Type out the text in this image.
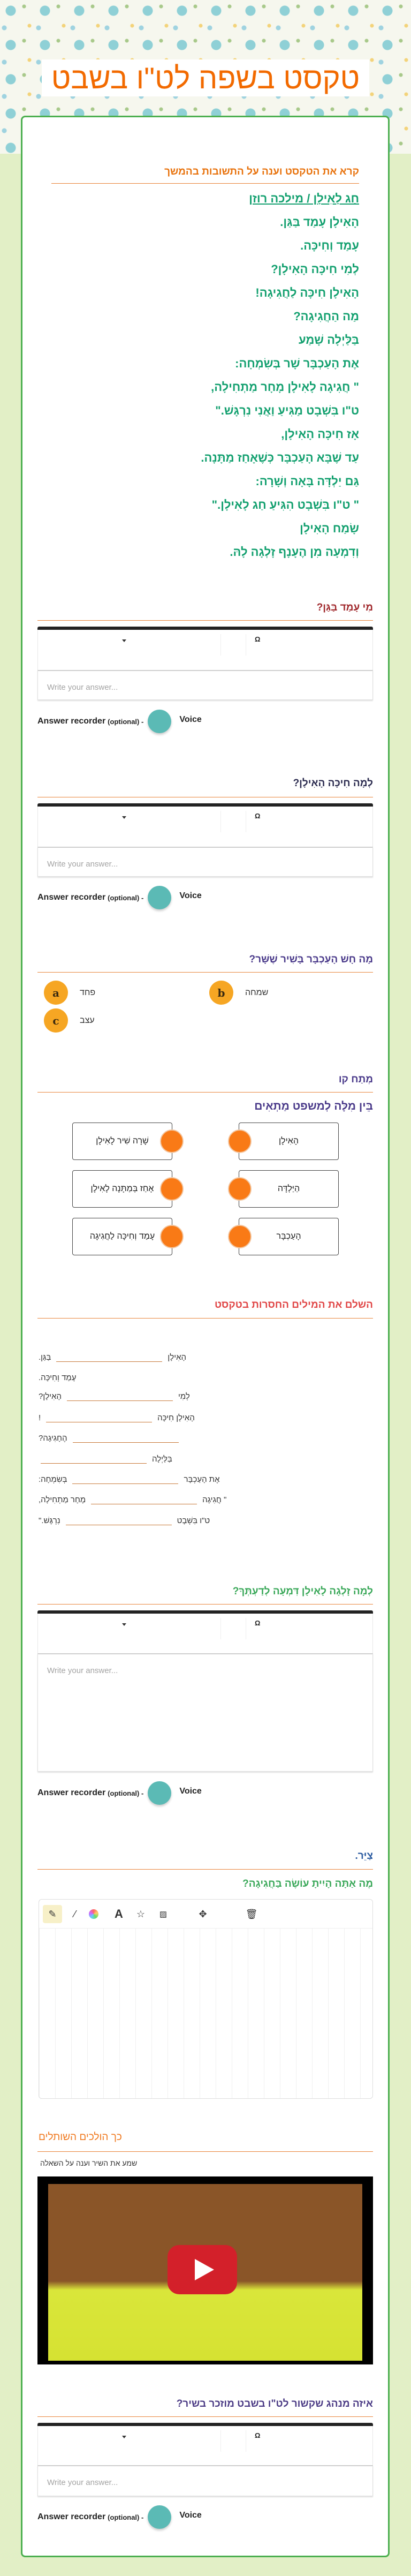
טקסט בשפה לט"ו בשבט
קרא את הטקסט וענה על התשובות בהמשך
חַג לָאִילָן / מילכה רוזן
הָאִילָן עָמַד בַּגַּן.
עָמַד וְחִיכָּה.
לְמִי חִיכָּה הָאִילָן?
הָאִילָן חִיכָּה לַחֲגִיגָה!
מַה הַחֲגִיגָה?
בַּלַּיְלָה שָׁמַע
אֶת הָעַכְבָּר שָׁר בְּשִׂמְחָה:
" חֲגִיגָה לָאִילָן מָחָר מַתְחִילָה,
ט"ו בִּשְׁבָט מַגִּיעַ וַאֲנִי נִרְגָּשׁ."
אָז חִיכָּה הָאִילָן,
עַד שֶׁבָּא הָעַכְבָּר כְּשֶׁאָחַז מַתָּנָה.
גַּם יַלְדָּה בָּאָה וְשָׁרָה:
" ט"ו בִּשְׁבָט הִגִּיעַ חַג לָאִילָן."
שָׂמַח הָאִילָן
וְדִמְעָה מִן הֶעָנָף זָלְגָה לָהּ.
מִי עָמַד בַּגַּן?
Ω
Write your answer...
Answer recorder (optional) -	Voice
לְמָה חִיכָּה הָאִילָן?
Ω
Write your answer...
Answer recorder (optional) -	Voice
מָה חָשׁ הָעַכְבָּר בָּשִׁיר שֶׁשָּׁר?
a	פחד	b	שמחה
c	עצב
מְתַח קו
בֵּין מִלָּה לְמשפט מַתְאִים
שָׁרָה שִׁיר לָאִילָן	הָאִילָן
אָחַז בְּמַתָּנָה לָאִילָן	הַיַּלְדָּה
עָמַד וְחִיכָּה לַחֲגִיגָה	הָעַכְבָּר
השלם את המילים החסרות בטקסט
בַּגַּן.	הָאִילָן
עָמַד וְחִיכָּה.
הָאִילָן?	לְמִי
!	הָאִילָן חִיכָּה
הֶחָגִיגָה?
בַּלַּיְלָה
בְּשִׂמְחָה:	אֶת הָעַכְבָּר
מָחָר מַתְחִילָה,	" חֲגִיגָה
נִרְגָּשׁ."	ט"ו בִּשְׁבָט
לְמָה זָלְגָה לָאִילָן דִּמְעָה לְדַעְתְּךָ?
Ω
Write your answer...
Answer recorder (optional) -	Voice
צַיֵּר.
מֶה אַתָּה הָיִיתָ עוֹשֶׂה בַּחֲגִיגָה?
✎	⁄	A	☆	▨	✥	🗑
כך הולכים השותלים
שמע את השיר וענה על השאלה
איזה מנהג שקשור לט"ו בשבט מוזכר בשיר?
Ω
Write your answer...
Answer recorder (optional) -	Voice
